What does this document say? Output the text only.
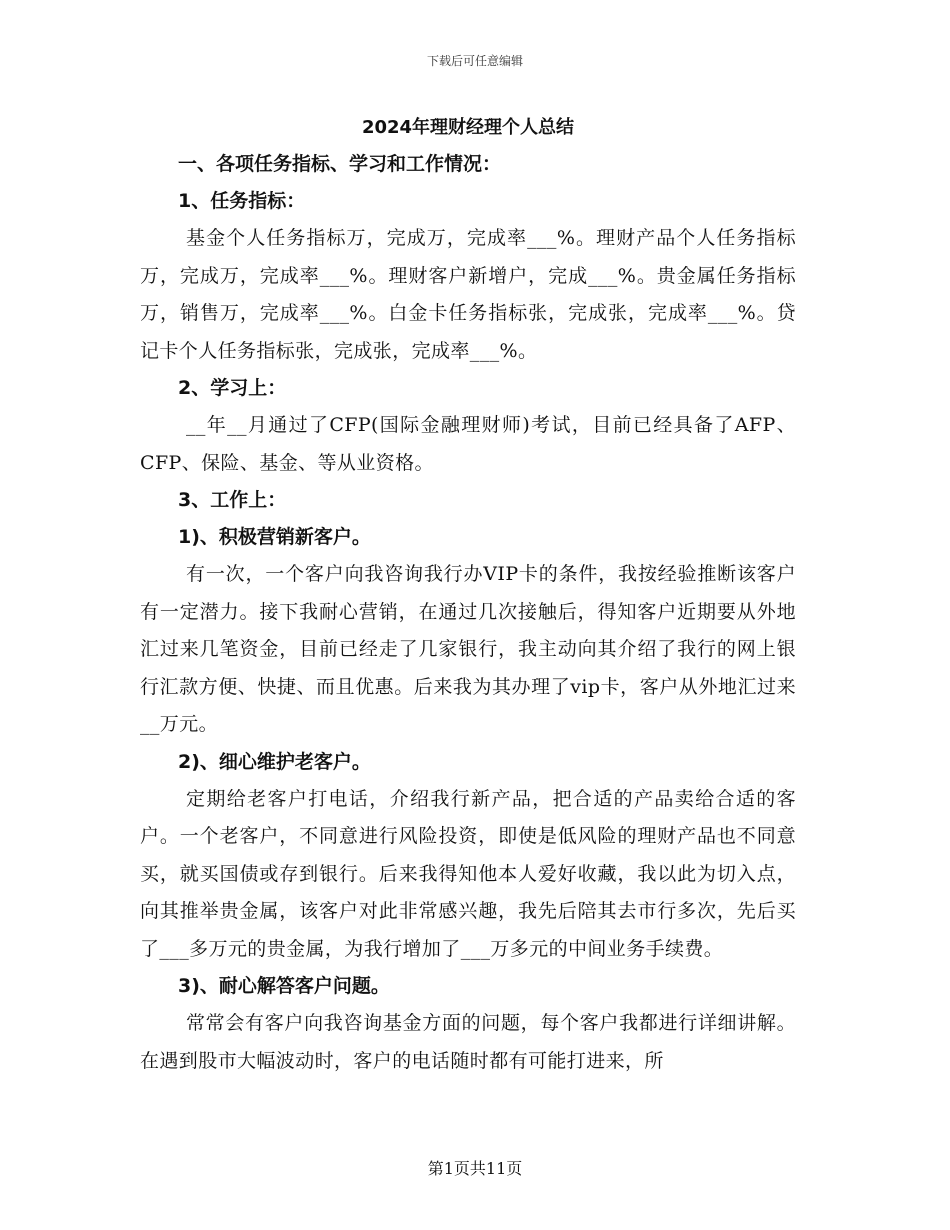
下载后可任意编辑
2024年理财经理个人总结
一、各项任务指标、学习和工作情况：
1、任务指标：

基金个人任务指标万，完成万，完成率___%。理财产品个人任务指标万，完成万，完成率___%。理财客户新增户，完成___%。贵金属任务指标万，销售万，完成率___%。白金卡任务指标张，完成张，完成率___%。贷记卡个人任务指标张，完成张，完成率___%。

2、学习上：

__年__月通过了CFP(国际金融理财师)考试，目前已经具备了AFP、CFP、保险、基金、等从业资格。

3、工作上：
1)、积极营销新客户。

有一次，一个客户向我咨询我行办VIP卡的条件，我按经验推断该客户有一定潜力。接下我耐心营销，在通过几次接触后，得知客户近期要从外地汇过来几笔资金，目前已经走了几家银行，我主动向其介绍了我行的网上银行汇款方便、快捷、而且优惠。后来我为其办理了vip卡，客户从外地汇过来__万元。

2)、细心维护老客户。

定期给老客户打电话，介绍我行新产品，把合适的产品卖给合适的客户。一个老客户，不同意进行风险投资，即使是低风险的理财产品也不同意买，就买国债或存到银行。后来我得知他本人爱好收藏，我以此为切入点，向其推举贵金属，该客户对此非常感兴趣，我先后陪其去市行多次，先后买了___多万元的贵金属，为我行增加了___万多元的中间业务手续费。

3)、耐心解答客户问题。

常常会有客户向我咨询基金方面的问题，每个客户我都进行详细讲解。在遇到股市大幅波动时，客户的电话随时都有可能打进来，所

第1页共11页
